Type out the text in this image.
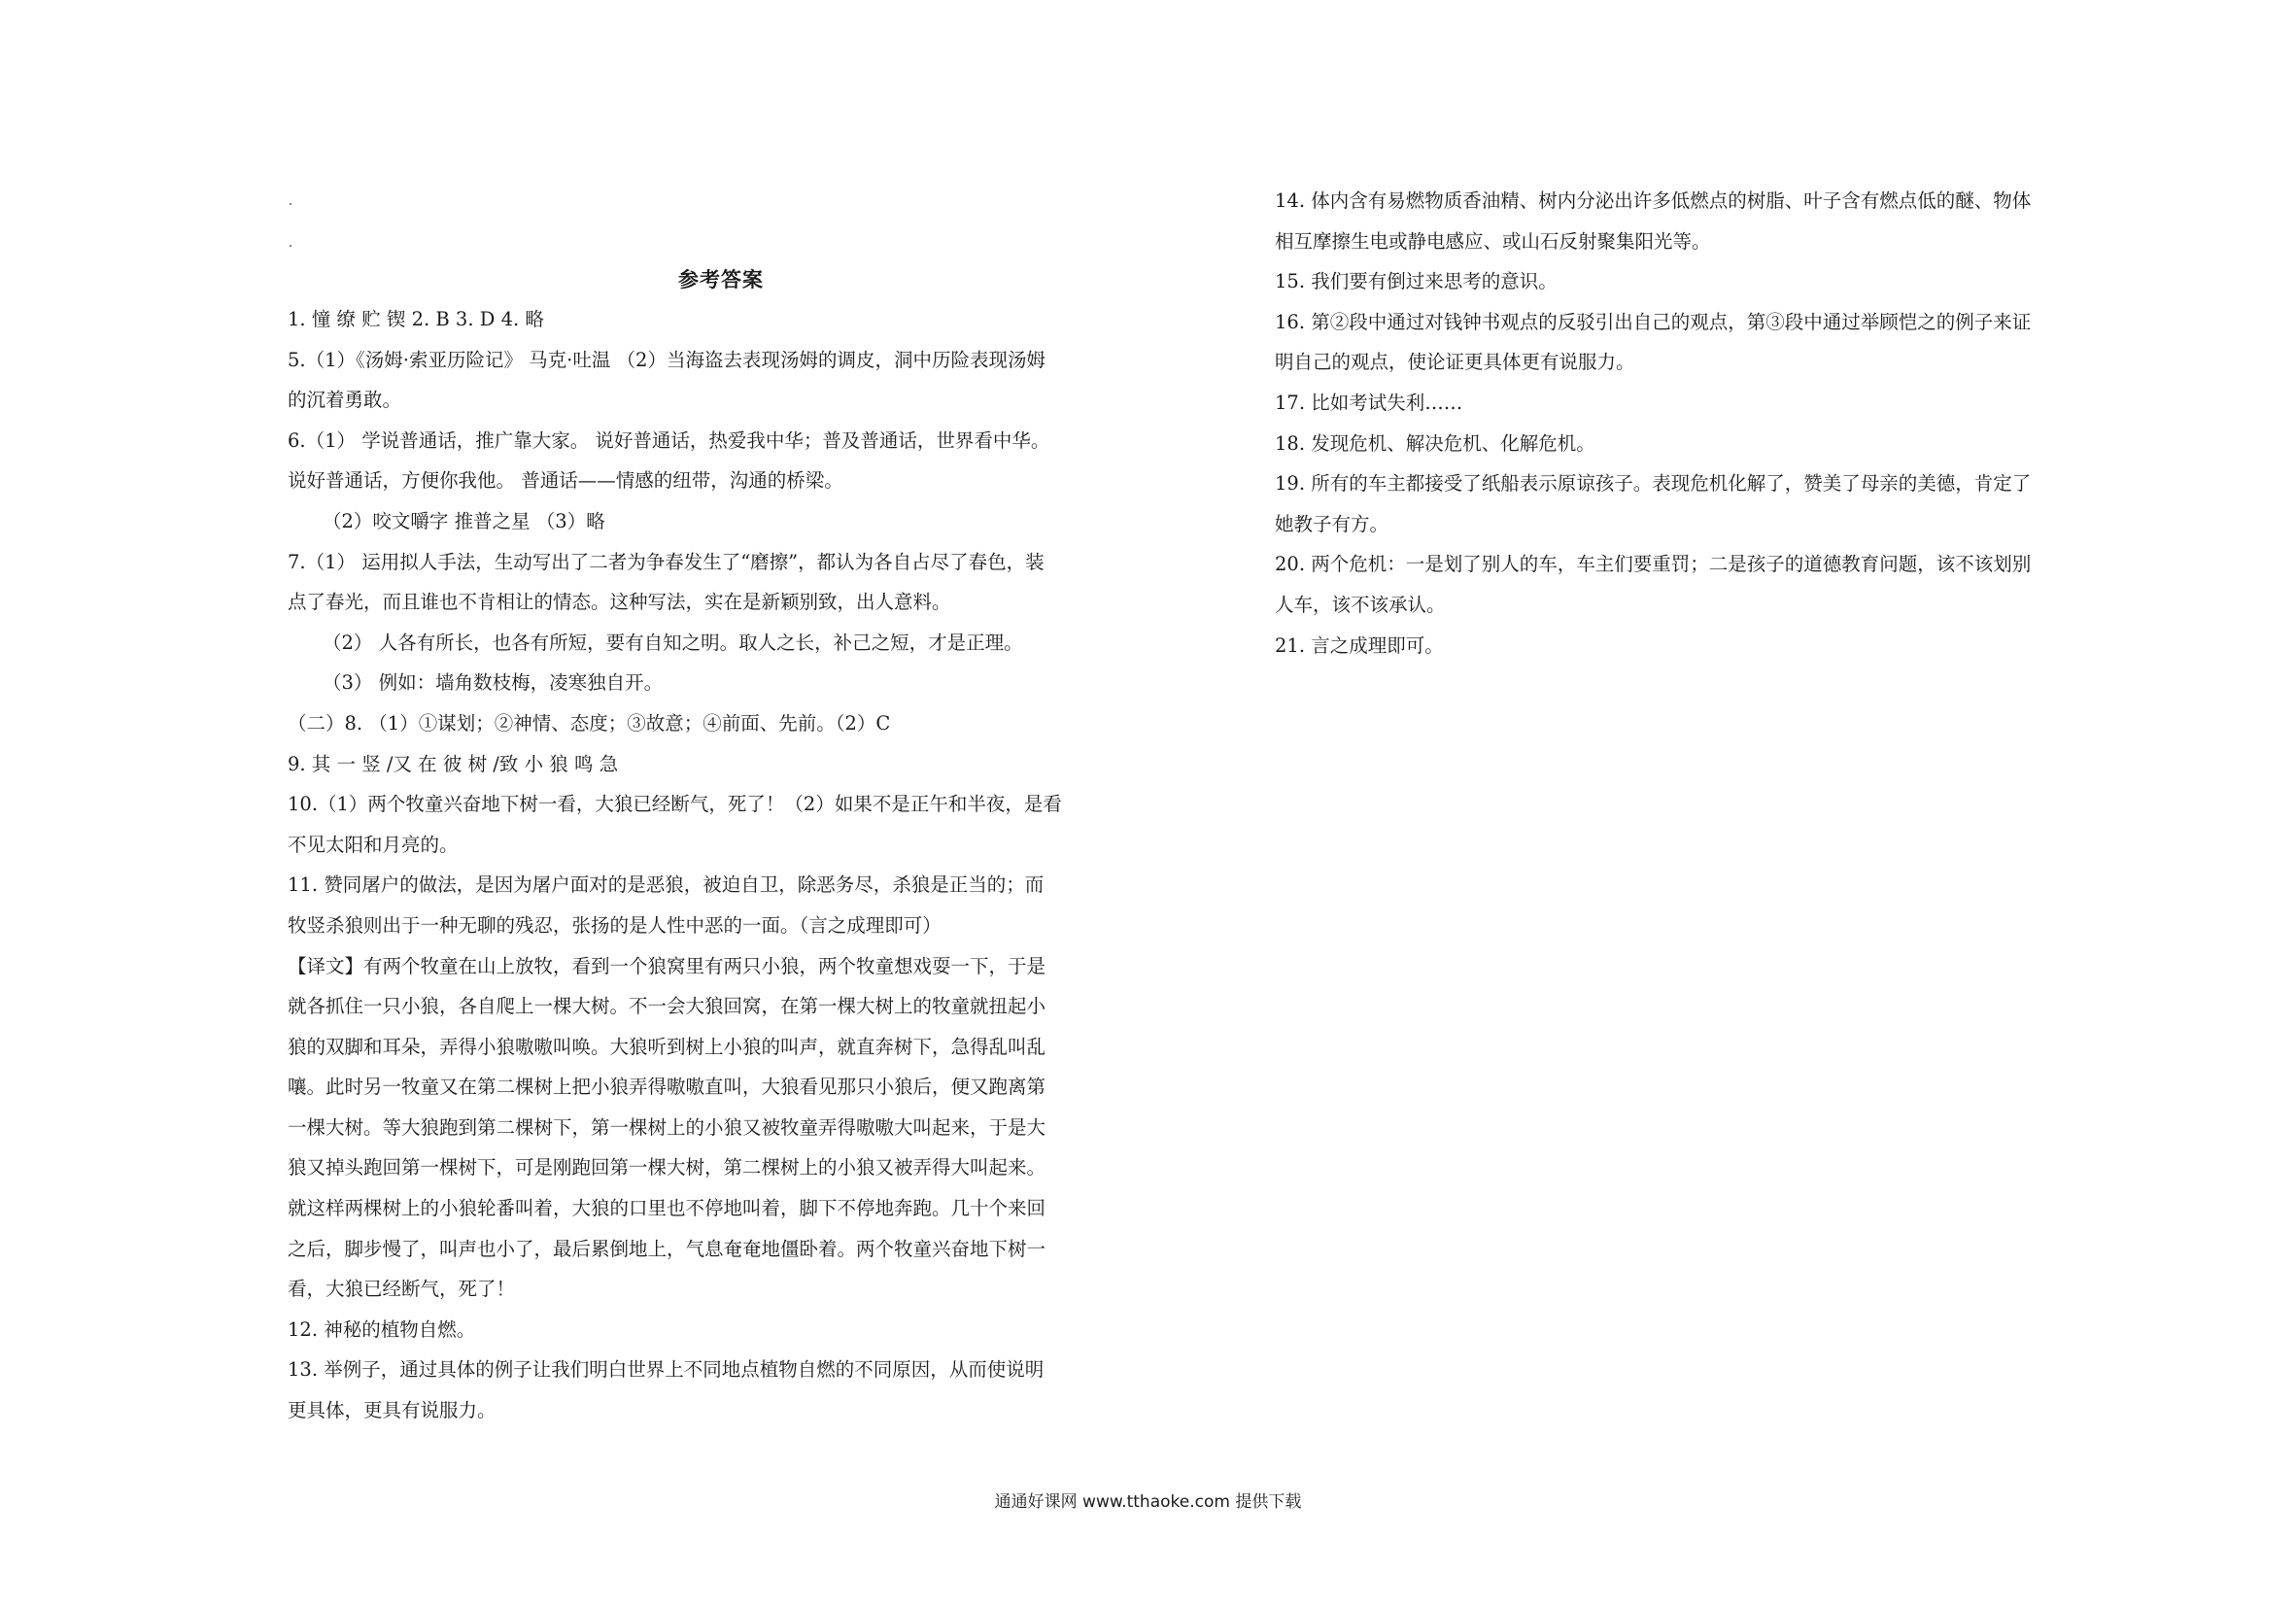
参考答案
1. 憧 缭 贮 锲 2. B 3. D 4. 略
5.（1）《汤姆·索亚历险记》 马克·吐温 （2）当海盗去表现汤姆的调皮，洞中历险表现汤姆
的沉着勇敢。
6.（1） 学说普通话，推广靠大家。 说好普通话，热爱我中华；普及普通话，世界看中华。
说好普通话，方便你我他。 普通话——情感的纽带，沟通的桥梁。
（2）咬文嚼字 推普之星 （3）略
7.（1） 运用拟人手法，生动写出了二者为争春发生了“磨擦”，都认为各自占尽了春色，装
点了春光，而且谁也不肯相让的情态。这种写法，实在是新颖别致，出人意料。
（2） 人各有所长，也各有所短，要有自知之明。取人之长，补己之短，才是正理。
（3） 例如：墙角数枝梅，凌寒独自开。
（二）8. （1）①谋划；②神情、态度；③故意；④前面、先前。（2）C
9. 其 一 竖 /又 在 彼 树 /致 小 狼 鸣 急
10.（1）两个牧童兴奋地下树一看，大狼已经断气，死了！（2）如果不是正午和半夜，是看
不见太阳和月亮的。
11. 赞同屠户的做法，是因为屠户面对的是恶狼，被迫自卫，除恶务尽，杀狼是正当的；而
牧竖杀狼则出于一种无聊的残忍，张扬的是人性中恶的一面。（言之成理即可）
【译文】有两个牧童在山上放牧，看到一个狼窝里有两只小狼，两个牧童想戏耍一下，于是
就各抓住一只小狼，各自爬上一棵大树。不一会大狼回窝，在第一棵大树上的牧童就扭起小
狼的双脚和耳朵，弄得小狼嗷嗷叫唤。大狼听到树上小狼的叫声，就直奔树下，急得乱叫乱
嚷。此时另一牧童又在第二棵树上把小狼弄得嗷嗷直叫，大狼看见那只小狼后，便又跑离第
一棵大树。等大狼跑到第二棵树下，第一棵树上的小狼又被牧童弄得嗷嗷大叫起来，于是大
狼又掉头跑回第一棵树下，可是刚跑回第一棵大树，第二棵树上的小狼又被弄得大叫起来。
就这样两棵树上的小狼轮番叫着，大狼的口里也不停地叫着，脚下不停地奔跑。几十个来回
之后，脚步慢了，叫声也小了，最后累倒地上，气息奄奄地僵卧着。两个牧童兴奋地下树一
看，大狼已经断气，死了！
12. 神秘的植物自燃。
13. 举例子，通过具体的例子让我们明白世界上不同地点植物自燃的不同原因，从而使说明
更具体，更具有说服力。
14. 体内含有易燃物质香油精、树内分泌出许多低燃点的树脂、叶子含有燃点低的醚、物体
相互摩擦生电或静电感应、或山石反射聚集阳光等。
15. 我们要有倒过来思考的意识。
16. 第②段中通过对钱钟书观点的反驳引出自己的观点，第③段中通过举顾恺之的例子来证
明自己的观点，使论证更具体更有说服力。
17. 比如考试失利……
18. 发现危机、解决危机、化解危机。
19. 所有的车主都接受了纸船表示原谅孩子。表现危机化解了，赞美了母亲的美德，肯定了
她教子有方。
20. 两个危机：一是划了别人的车，车主们要重罚；二是孩子的道德教育问题，该不该划别
人车，该不该承认。
21. 言之成理即可。
通通好课网 www.tthaoke.com 提供下载
